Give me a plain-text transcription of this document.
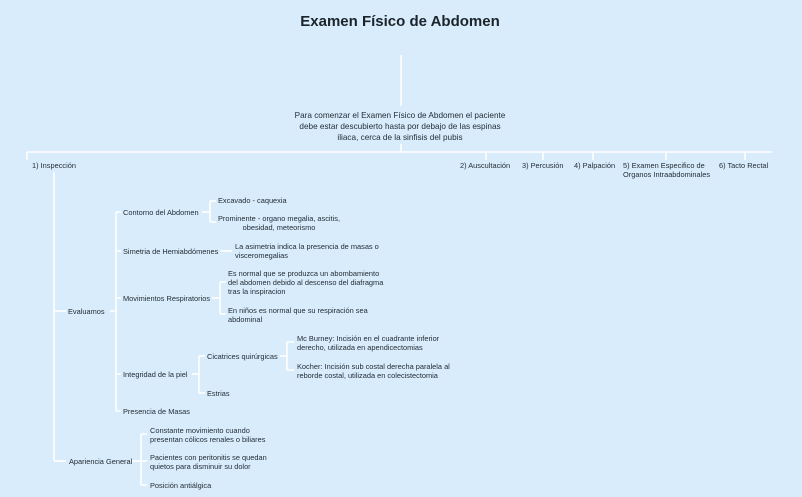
Examen Físico de Abdomen
Para comenzar el Examen Físico de Abdomen el paciente debe estar descubierto hasta por debajo de las espinas iliaca, cerca de la sinfisis del pubis
1) Inspección	2) Auscultación 3) Percusión 4) Palpación 5) Examen Especifico de Organos Intraabdominales
6) Tacto Rectal
Evaluamos
Contorno del Abdomen
Excavado - caquexia
Prominente - organo megalia, ascitis, obesidad, meteorismo
Simetria de Hemiabdómenes
La asimetria indica la presencia de masas o visceromegalias
Movimientos Respiratorios
Es normal que se produzca un abombamiento del abdomen debido al descenso del diafragma tras la inspiracion
En niños es normal que su respiración sea abdominal
Integridad de la piel
Cicatrices quirúrgicas
Mc Burney: Incisión en el cuadrante inferior derecho, utilizada en apendicectomias
Kocher: Incisión sub costal derecha paralela al reborde costal, utilizada en colecistectomia
Estrias
Presencia de Masas
Apariencia General
Constante movimiento cuando presentan cólicos renales o biliares
Pacientes con peritonitis se quedan quietos para disminuir su dolor
Posición antiálgica
